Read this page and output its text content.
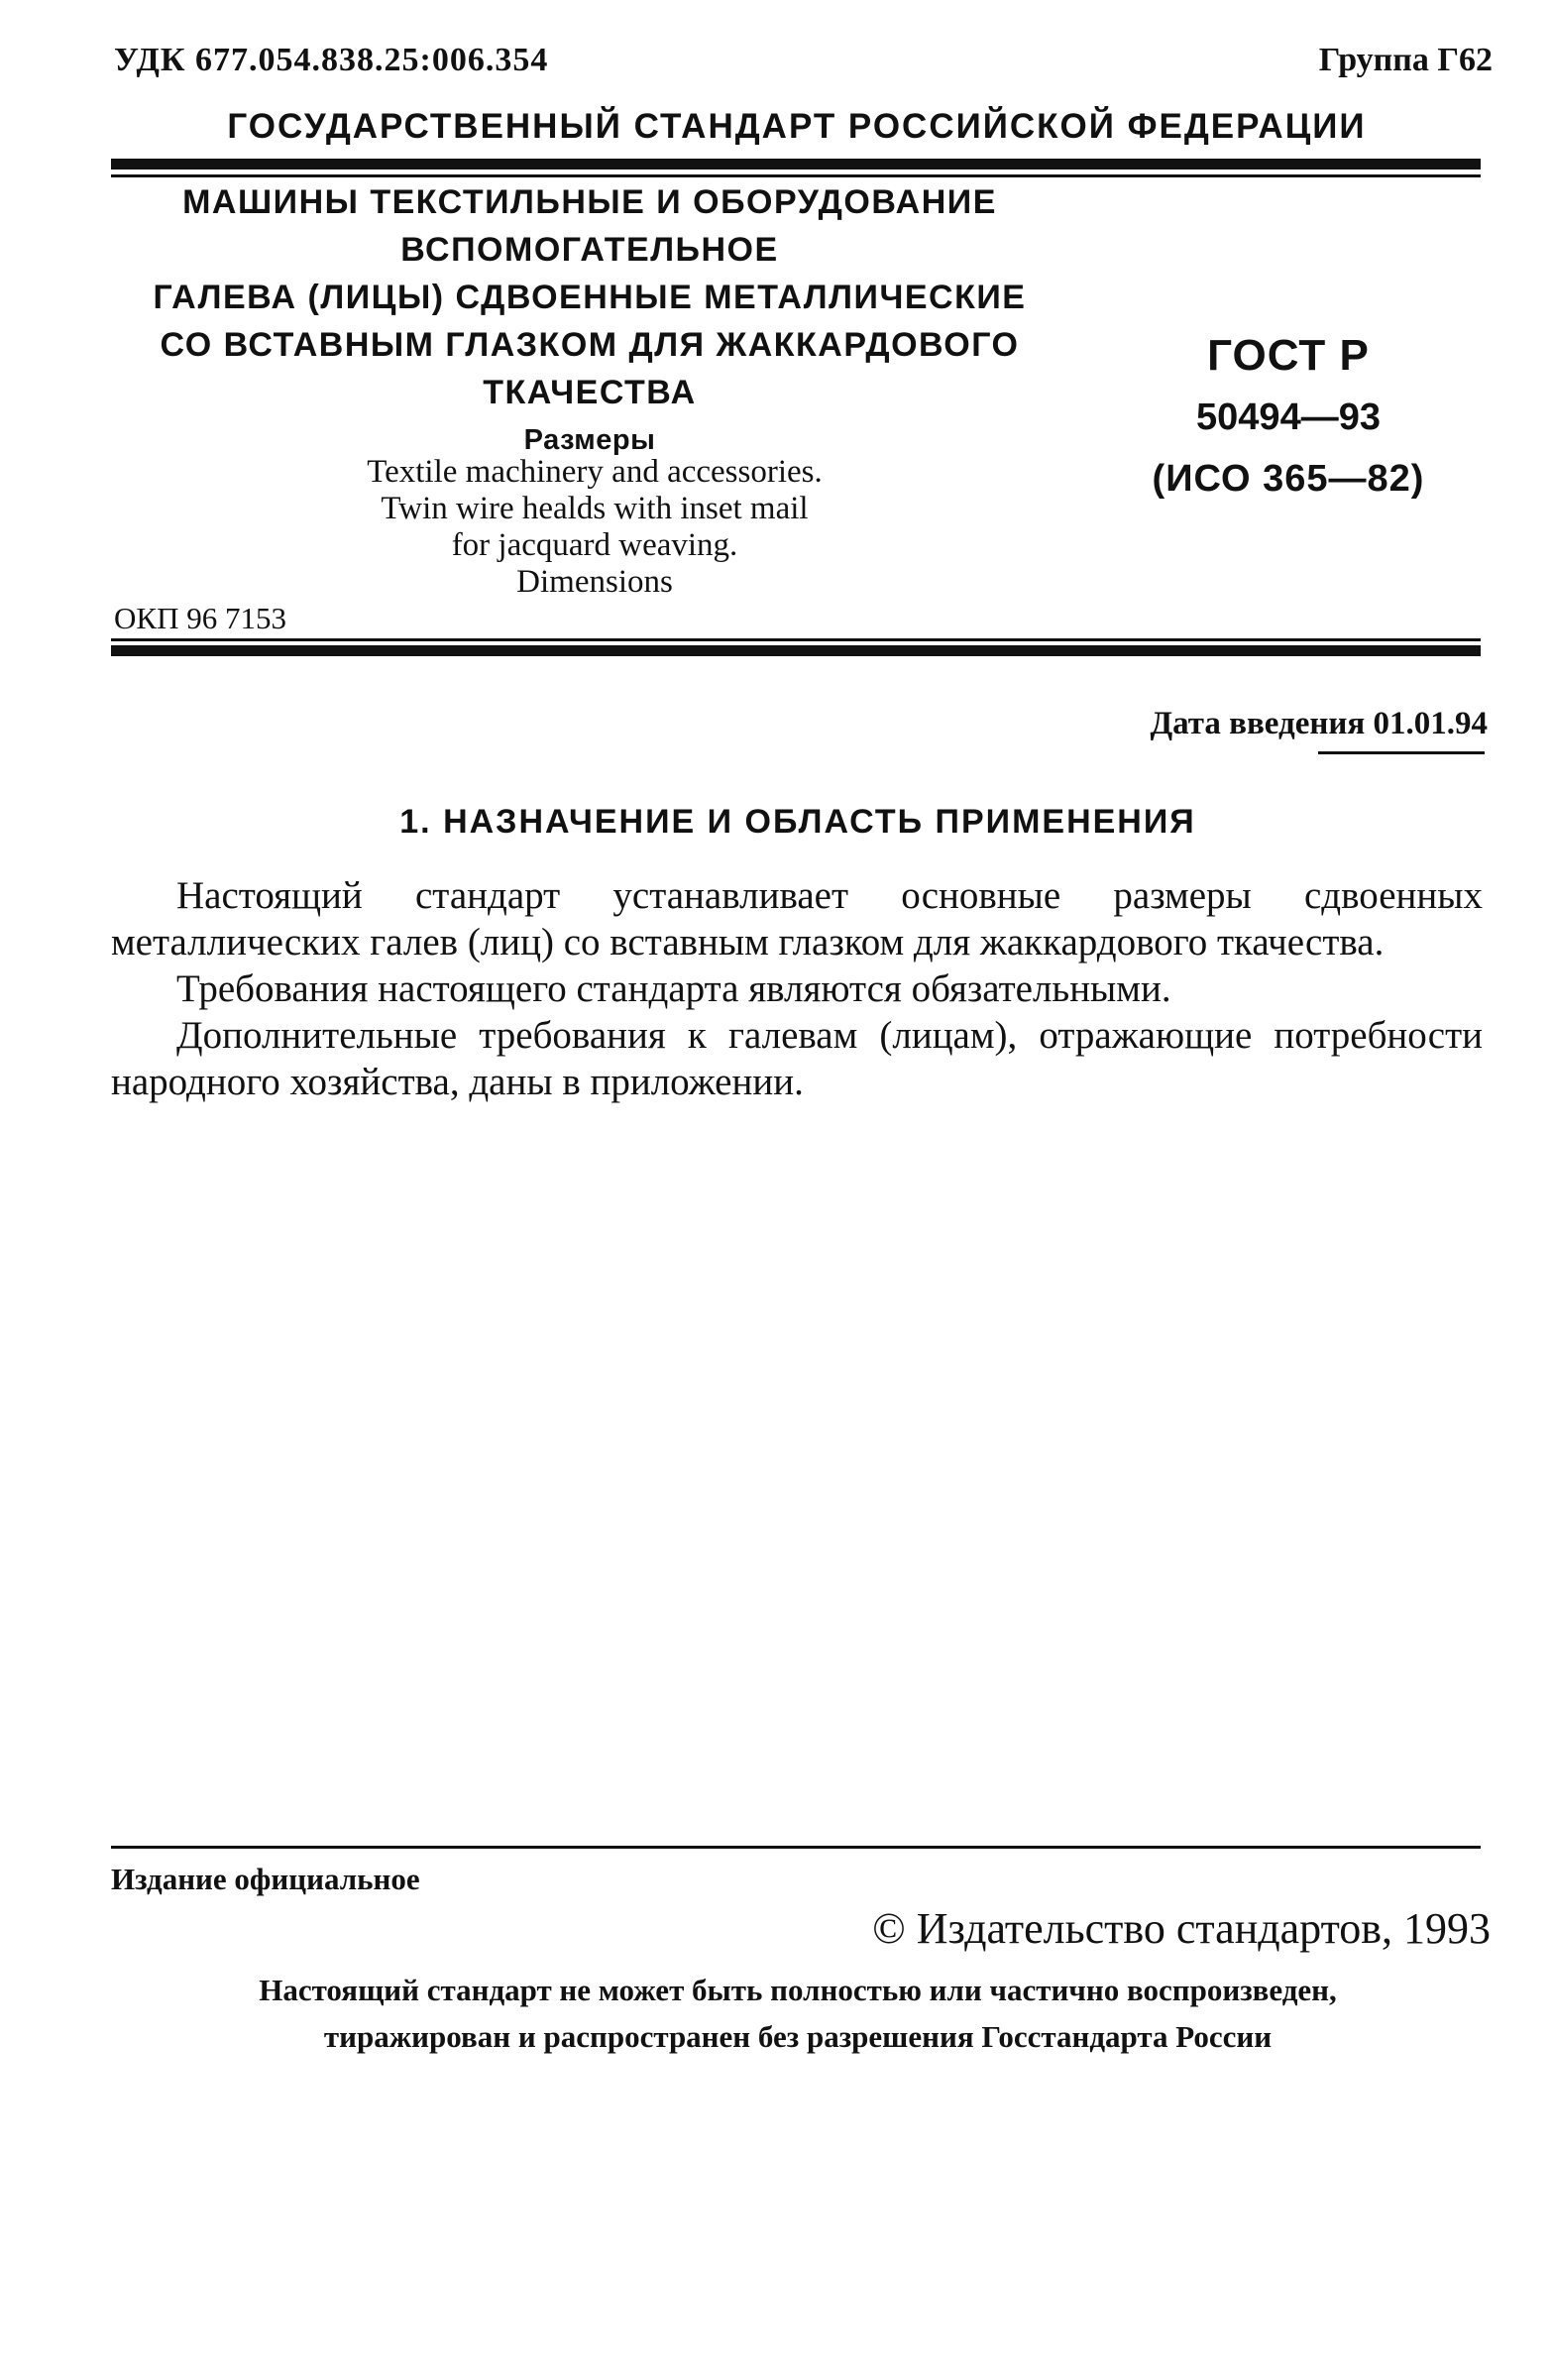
УДК 677.054.838.25:006.354	Группа Г62
ГОСУДАРСТВЕННЫЙ СТАНДАРТ РОССИЙСКОЙ ФЕДЕРАЦИИ
МАШИНЫ ТЕКСТИЛЬНЫЕ И ОБОРУДОВАНИЕ
ВСПОМОГАТЕЛЬНОЕ
ГАЛЕВА (ЛИЦЫ) СДВОЕННЫЕ МЕТАЛЛИЧЕСКИЕ
СО ВСТАВНЫМ ГЛАЗКОМ ДЛЯ ЖАККАРДОВОГО
ТКАЧЕСТВА
Размеры
Textile machinery and accessories.
Twin wire healds with inset mail
for jacquard weaving.
Dimensions
ОКП 96 7153
ГОСТ Р
50494—93
(ИСО 365—82)
Дата введения 01.01.94
1. НАЗНАЧЕНИЕ И ОБЛАСТЬ ПРИМЕНЕНИЯ

Настоящий стандарт устанавливает основные размеры сдвоенных металлических галев (лиц) со вставным глазком для жаккардового ткачества.

Требования настоящего стандарта являются обязательными.

Дополнительные требования к галевам (лицам), отражающие потребности народного хозяйства, даны в приложении.

Издание официальное
© Издательство стандартов, 1993
Настоящий стандарт не может быть полностью или частично воспроизведен,
тиражирован и распространен без разрешения Госстандарта России
